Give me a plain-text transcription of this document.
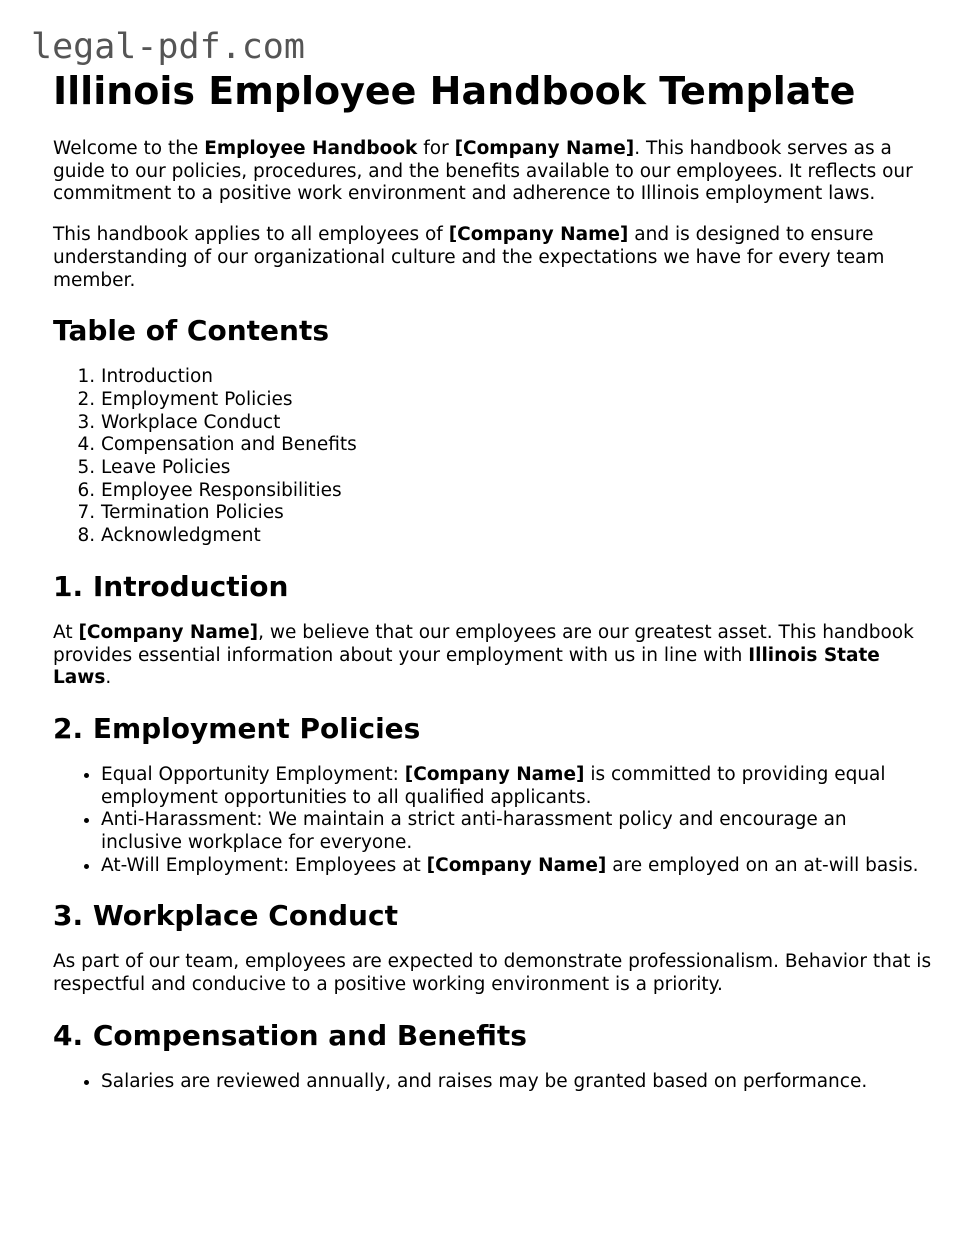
legal-pdf.com
Illinois Employee Handbook Template

Welcome to the Employee Handbook for [Company Name]. This handbook serves as a guide to our policies, procedures, and the benefits available to our employees. It reflects our commitment to a positive work environment and adherence to Illinois employment laws.

This handbook applies to all employees of [Company Name] and is designed to ensure understanding of our organizational culture and the expectations we have for every team member.

Table of Contents
1. Introduction
2. Employment Policies
3. Workplace Conduct
4. Compensation and Benefits
5. Leave Policies
6. Employee Responsibilities
7. Termination Policies
8. Acknowledgment
1. Introduction

At [Company Name], we believe that our employees are our greatest asset. This handbook provides essential information about your employment with us in line with Illinois State Laws.

2. Employment Policies
• Equal Opportunity Employment: [Company Name] is committed to providing equal employment opportunities to all qualified applicants.
• Anti-Harassment: We maintain a strict anti-harassment policy and encourage an inclusive workplace for everyone.
• At-Will Employment: Employees at [Company Name] are employed on an at-will basis.
3. Workplace Conduct

As part of our team, employees are expected to demonstrate professionalism. Behavior that is respectful and conducive to a positive working environment is a priority.

4. Compensation and Benefits
• Salaries are reviewed annually, and raises may be granted based on performance.
